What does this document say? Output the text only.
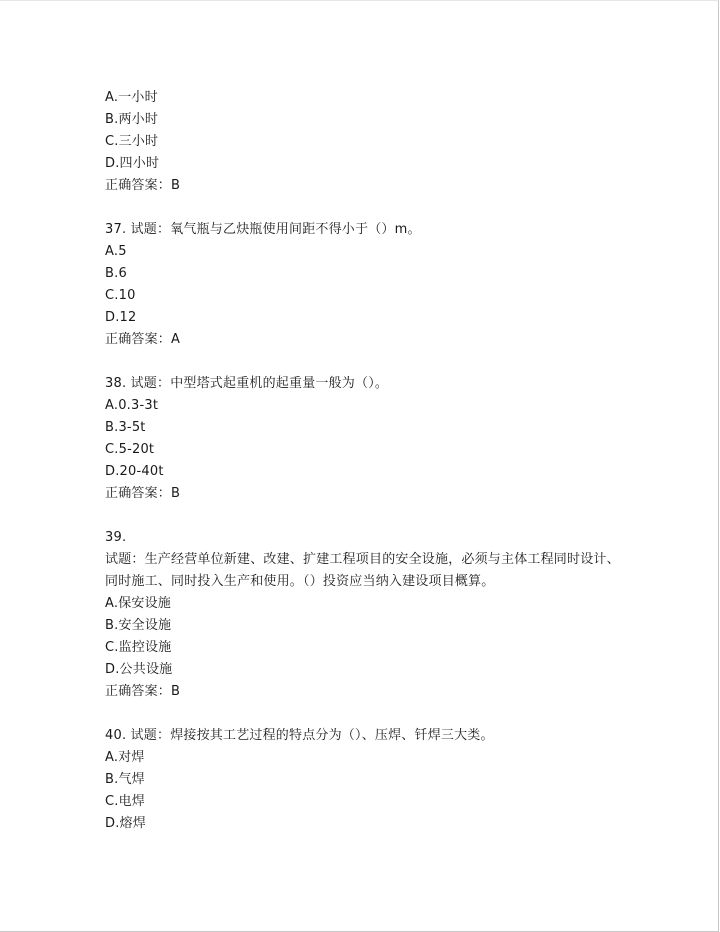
A.一小时
B.两小时
C.三小时
D.四小时
正确答案：B
37. 试题：氧气瓶与乙炔瓶使用间距不得小于（）m。
A.5
B.6
C.10
D.12
正确答案：A
38. 试题：中型塔式起重机的起重量一般为（）。
A.0.3-3t
B.3-5t
C.5-20t
D.20-40t
正确答案：B
39.
试题：生产经营单位新建、改建、扩建工程项目的安全设施，必须与主体工程同时设计、
同时施工、同时投入生产和使用。（）投资应当纳入建设项目概算。
A.保安设施
B.安全设施
C.监控设施
D.公共设施
正确答案：B
40. 试题：焊接按其工艺过程的特点分为（）、压焊、钎焊三大类。
A.对焊
B.气焊
C.电焊
D.熔焊
